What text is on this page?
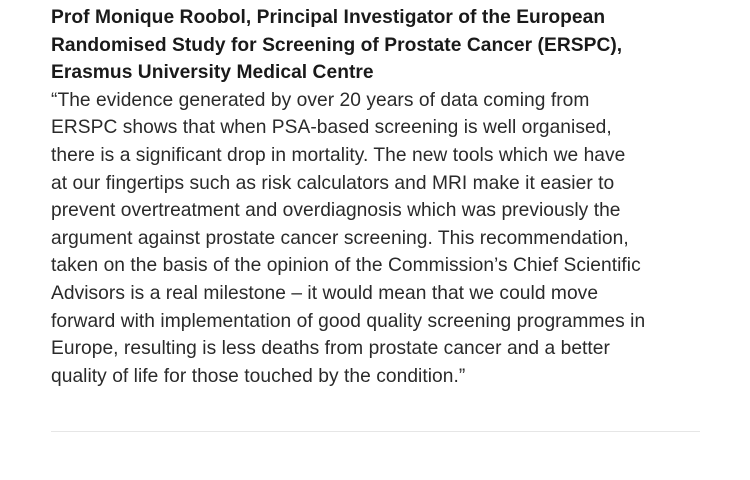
Prof Monique Roobol, Principal Investigator of the European
Randomised Study for Screening of Prostate Cancer (ERSPC),
Erasmus University Medical Centre

“The evidence generated by over 20 years of data coming from
ERSPC shows that when PSA-based screening is well organised,
there is a significant drop in mortality. The new tools which we have
at our fingertips such as risk calculators and MRI make it easier to
prevent overtreatment and overdiagnosis which was previously the
argument against prostate cancer screening. This recommendation,
taken on the basis of the opinion of the Commission’s Chief Scientific
Advisors is a real milestone – it would mean that we could move
forward with implementation of good quality screening programmes in
Europe, resulting is less deaths from prostate cancer and a better
quality of life for those touched by the condition.”
